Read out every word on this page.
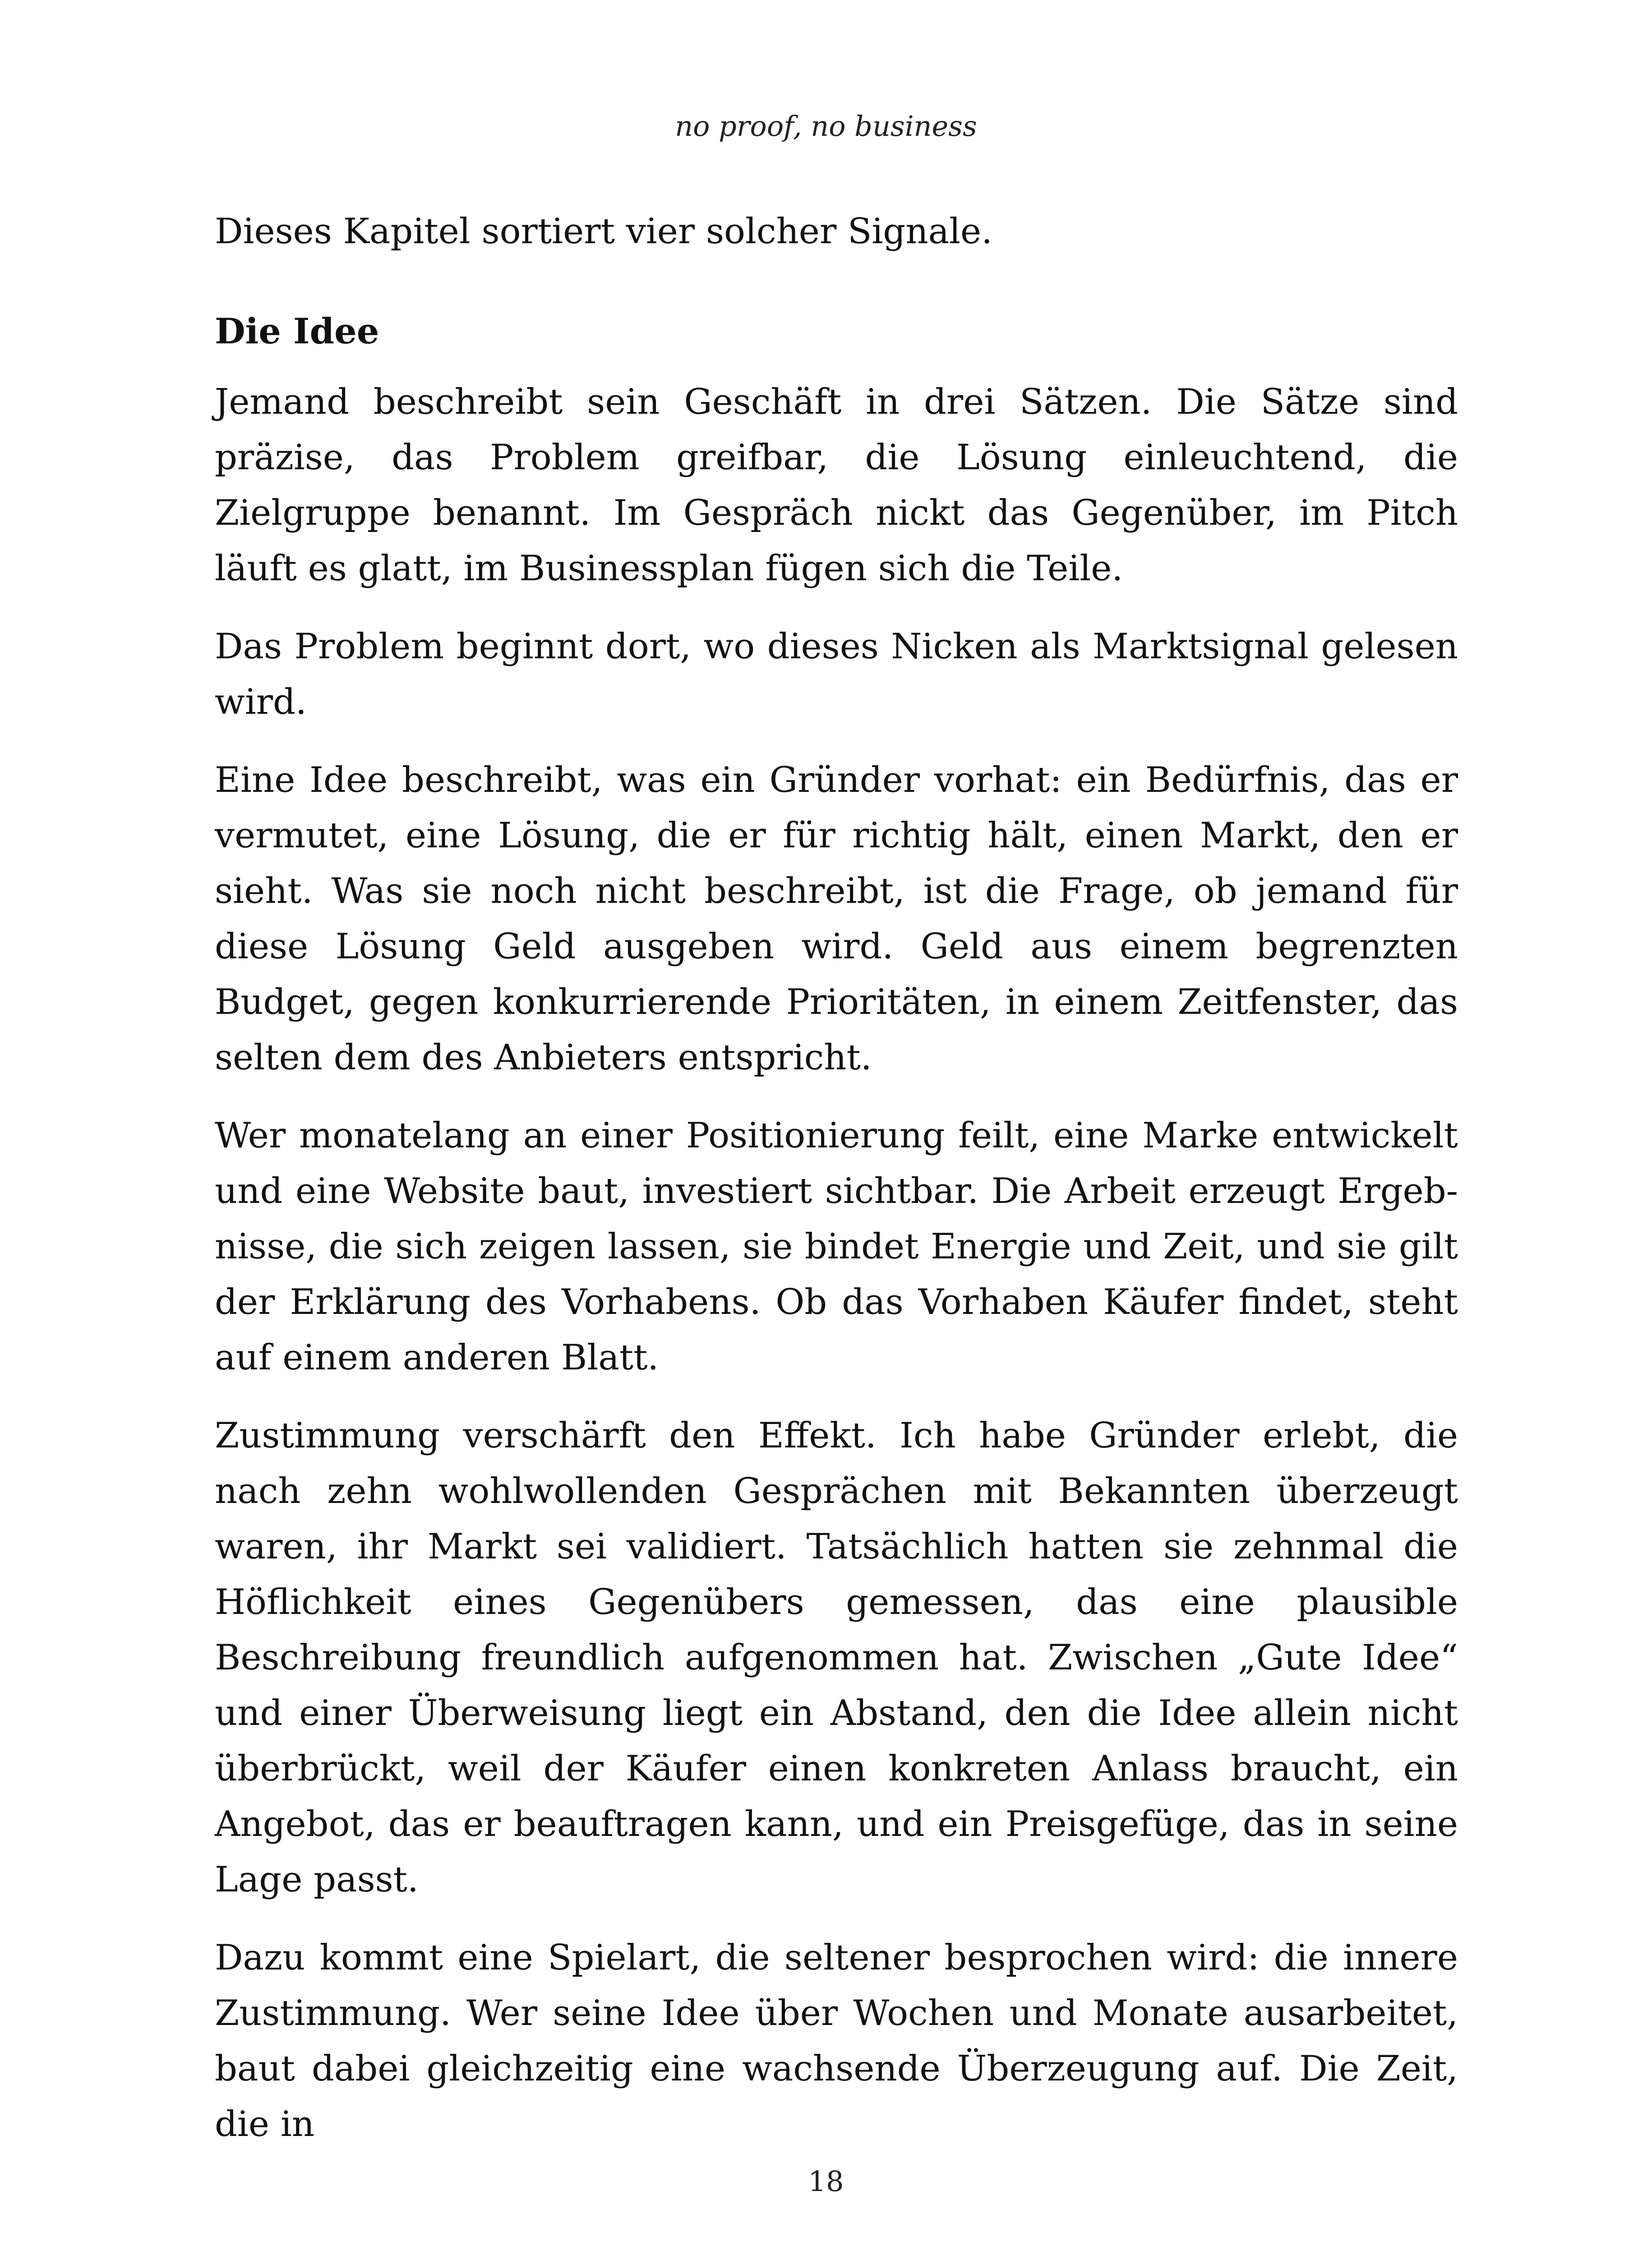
no proof, no business

Dieses Kapitel sortiert vier solcher Signale.

Die Idee

Jemand beschreibt sein Geschäft in drei Sätzen. Die Sätze sind präzise, das Problem greifbar, die Lösung einleuchtend, die Zielgruppe benannt. Im Gespräch nickt das Gegenüber, im Pitch läuft es glatt, im Businessplan fügen sich die Teile.

Das Problem beginnt dort, wo dieses Nicken als Marktsignal gelesen wird.

Eine Idee beschreibt, was ein Gründer vorhat: ein Bedürfnis, das er vermutet, eine Lösung, die er für richtig hält, einen Markt, den er sieht. Was sie noch nicht beschreibt, ist die Frage, ob jemand für diese Lösung Geld ausgeben wird. Geld aus einem begrenzten Budget, gegen konkurrierende Prioritäten, in einem Zeitfenster, das selten dem des Anbieters entspricht.

Wer monatelang an einer Positionierung feilt, eine Marke entwickelt und eine Website baut, investiert sichtbar. Die Arbeit erzeugt Ergebnisse, die sich zeigen lassen, sie bindet Energie und Zeit, und sie gilt der Erklärung des Vorhabens. Ob das Vorhaben Käufer findet, steht auf einem anderen Blatt.

Zustimmung verschärft den Effekt. Ich habe Gründer erlebt, die nach zehn wohlwollenden Gesprächen mit Bekannten überzeugt waren, ihr Markt sei validiert. Tatsächlich hatten sie zehnmal die Höflichkeit eines Gegenübers gemessen, das eine plausible Beschreibung freundlich aufgenommen hat. Zwischen „Gute Idee“ und einer Überweisung liegt ein Abstand, den die Idee allein nicht überbrückt, weil der Käufer einen konkreten Anlass braucht, ein Angebot, das er beauftragen kann, und ein Preisgefüge, das in seine Lage passt.

Dazu kommt eine Spielart, die seltener besprochen wird: die innere Zustimmung. Wer seine Idee über Wochen und Monate ausarbeitet, baut dabei gleichzeitig eine wachsende Überzeugung auf. Die Zeit, die in

18
